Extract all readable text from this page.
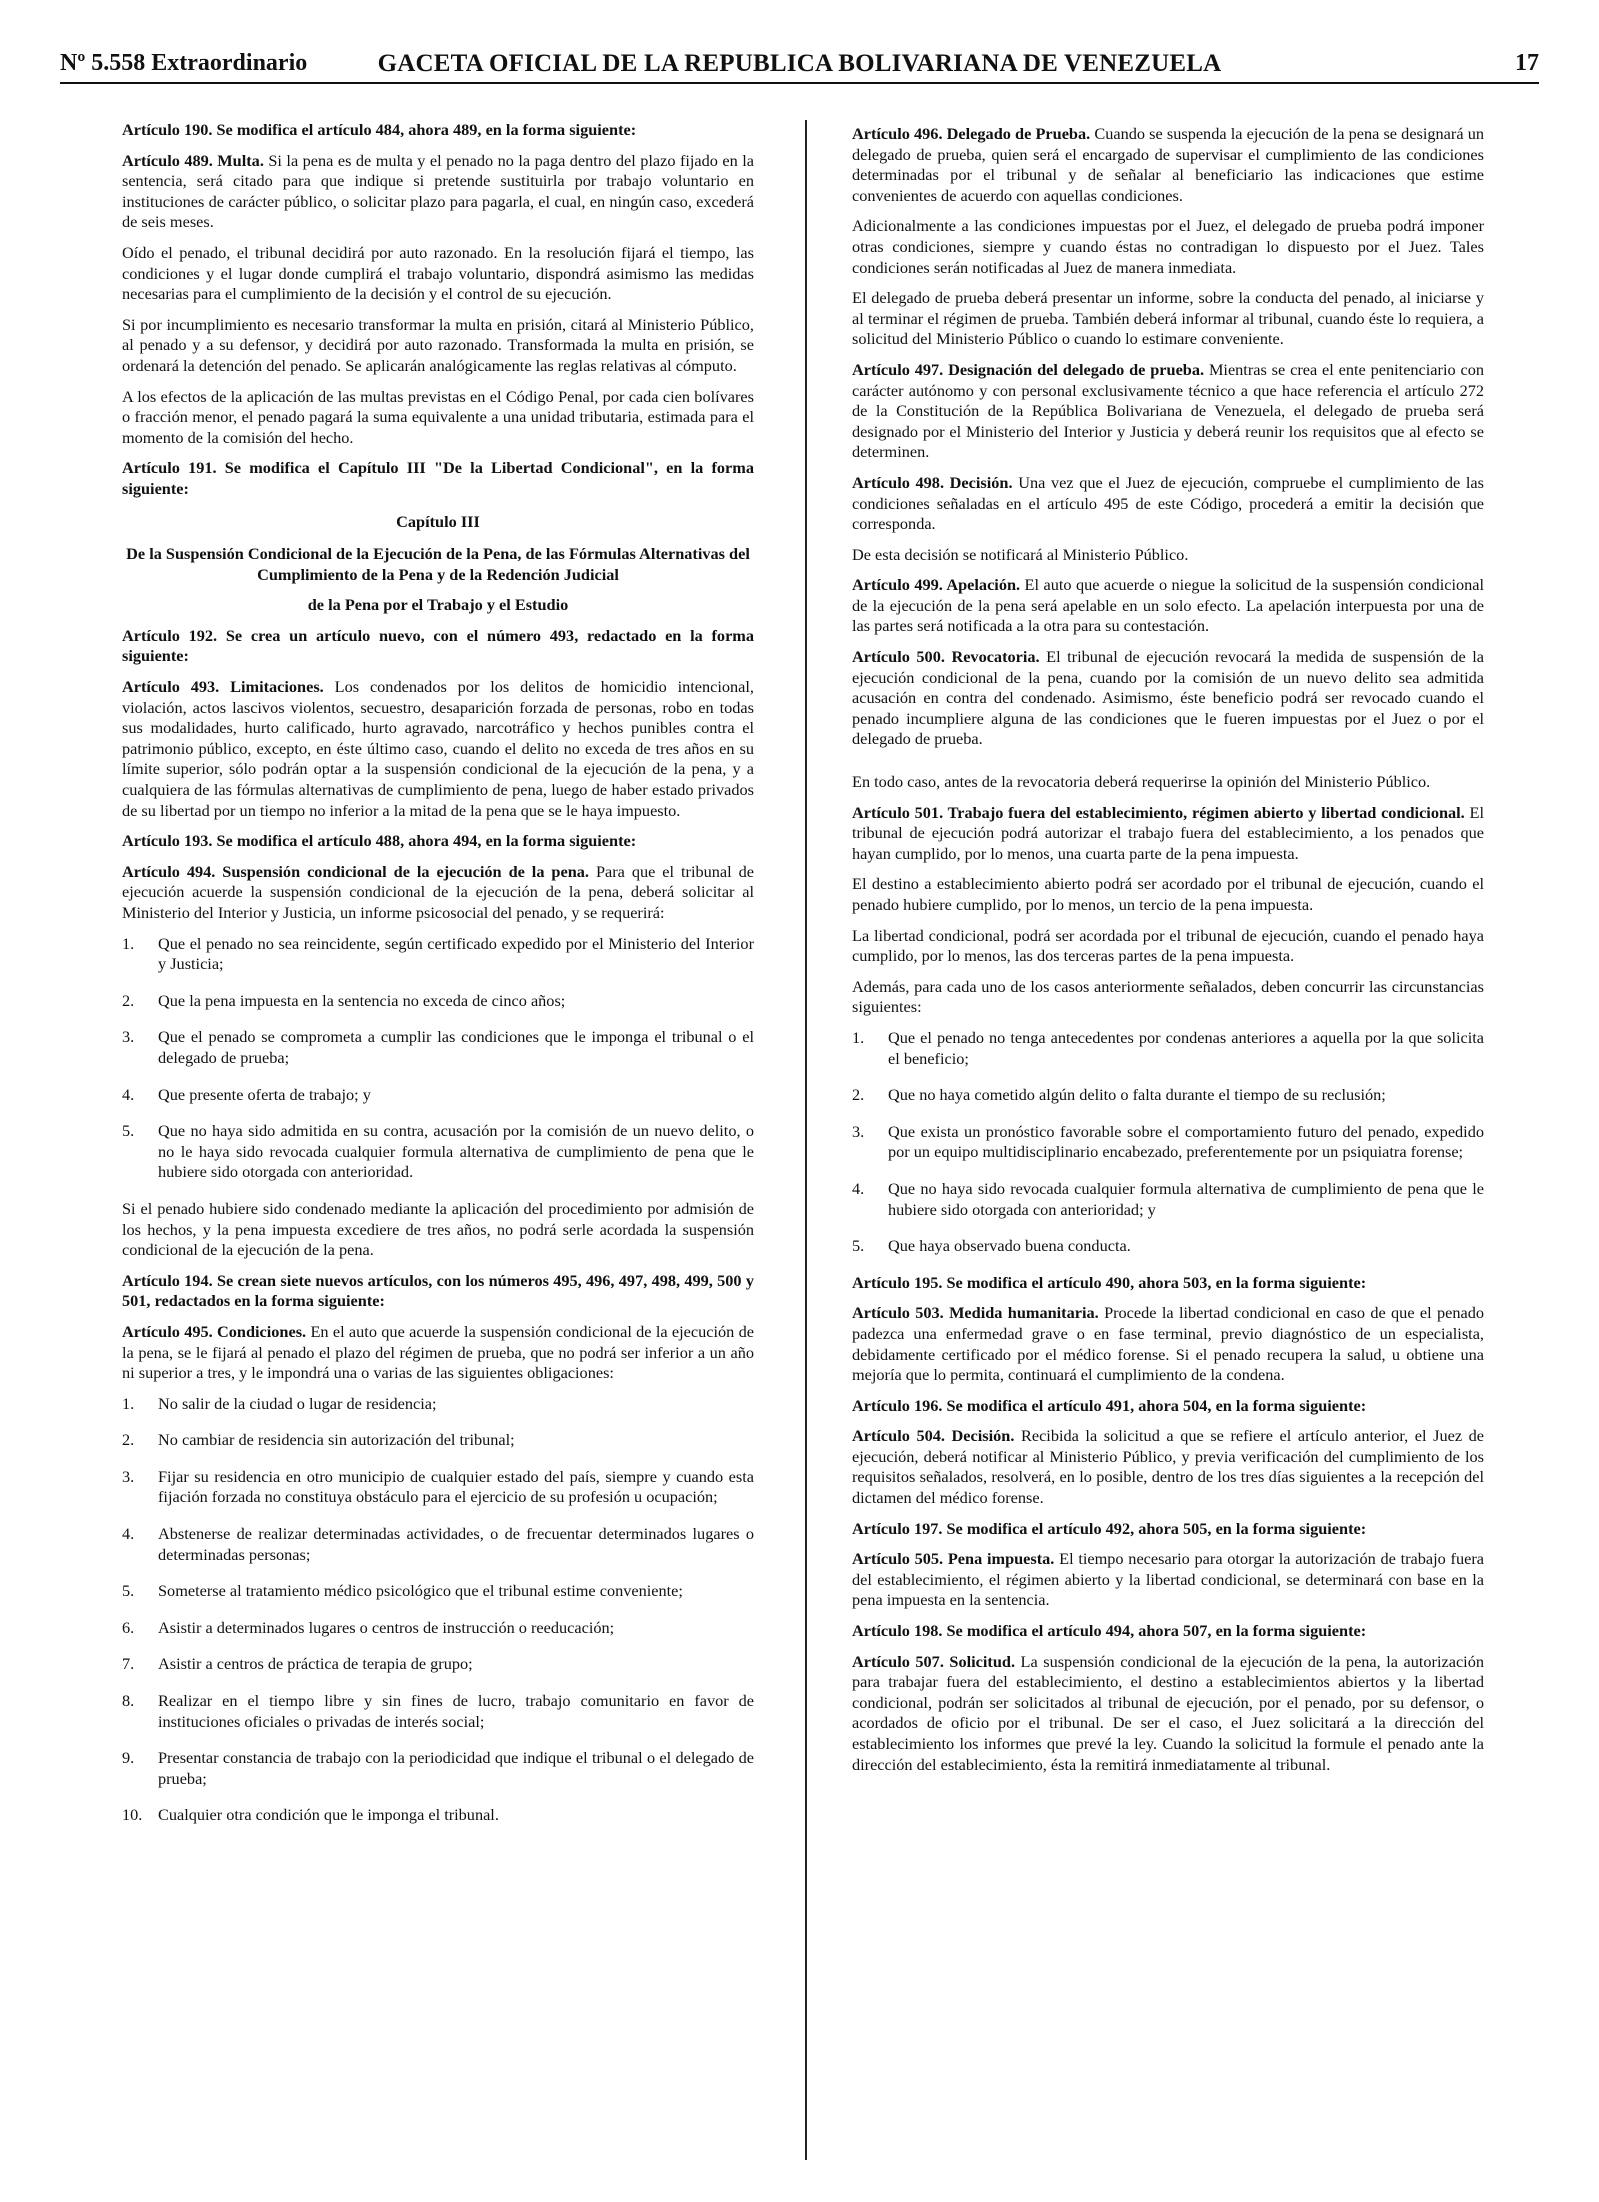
Nº 5.558 Extraordinario	GACETA OFICIAL DE LA REPUBLICA BOLIVARIANA DE VENEZUELA	17

Artículo 190. Se modifica el artículo 484, ahora 489, en la forma siguiente:

Artículo 489. Multa. Si la pena es de multa y el penado no la paga dentro del plazo fijado en la sentencia, será citado para que indique si pretende sustituirla por trabajo voluntario en instituciones de carácter público, o solicitar plazo para pagarla, el cual, en ningún caso, excederá de seis meses.

Oído el penado, el tribunal decidirá por auto razonado. En la resolución fijará el tiempo, las condiciones y el lugar donde cumplirá el trabajo voluntario, dispondrá asimismo las medidas necesarias para el cumplimiento de la decisión y el control de su ejecución.

Si por incumplimiento es necesario transformar la multa en prisión, citará al Ministerio Público, al penado y a su defensor, y decidirá por auto razonado. Transformada la multa en prisión, se ordenará la detención del penado. Se aplicarán analógicamente las reglas relativas al cómputo.

A los efectos de la aplicación de las multas previstas en el Código Penal, por cada cien bolívares o fracción menor, el penado pagará la suma equivalente a una unidad tributaria, estimada para el momento de la comisión del hecho.

Artículo 191. Se modifica el Capítulo III "De la Libertad Condicional", en la forma siguiente:

Capítulo III

De la Suspensión Condicional de la Ejecución de la Pena, de las Fórmulas Alternativas del Cumplimiento de la Pena y de la Redención Judicial

de la Pena por el Trabajo y el Estudio

Artículo 192. Se crea un artículo nuevo, con el número 493, redactado en la forma siguiente:

Artículo 493. Limitaciones. Los condenados por los delitos de homicidio intencional, violación, actos lascivos violentos, secuestro, desaparición forzada de personas, robo en todas sus modalidades, hurto calificado, hurto agravado, narcotráfico y hechos punibles contra el patrimonio público, excepto, en éste último caso, cuando el delito no exceda de tres años en su límite superior, sólo podrán optar a la suspensión condicional de la ejecución de la pena, y a cualquiera de las fórmulas alternativas de cumplimiento de pena, luego de haber estado privados de su libertad por un tiempo no inferior a la mitad de la pena que se le haya impuesto.

Artículo 193. Se modifica el artículo 488, ahora 494, en la forma siguiente:

Artículo 494. Suspensión condicional de la ejecución de la pena. Para que el tribunal de ejecución acuerde la suspensión condicional de la ejecución de la pena, deberá solicitar al Ministerio del Interior y Justicia, un informe psicosocial del penado, y se requerirá:

1. Que el penado no sea reincidente, según certificado expedido por el Ministerio del Interior y Justicia;
2. Que la pena impuesta en la sentencia no exceda de cinco años;
3. Que el penado se comprometa a cumplir las condiciones que le imponga el tribunal o el delegado de prueba;
4. Que presente oferta de trabajo; y
5. Que no haya sido admitida en su contra, acusación por la comisión de un nuevo delito, o no le haya sido revocada cualquier formula alternativa de cumplimiento de pena que le hubiere sido otorgada con anterioridad.

Si el penado hubiere sido condenado mediante la aplicación del procedimiento por admisión de los hechos, y la pena impuesta excediere de tres años, no podrá serle acordada la suspensión condicional de la ejecución de la pena.

Artículo 194. Se crean siete nuevos artículos, con los números 495, 496, 497, 498, 499, 500 y 501, redactados en la forma siguiente:

Artículo 495. Condiciones. En el auto que acuerde la suspensión condicional de la ejecución de la pena, se le fijará al penado el plazo del régimen de prueba, que no podrá ser inferior a un año ni superior a tres, y le impondrá una o varias de las siguientes obligaciones:

1. No salir de la ciudad o lugar de residencia;
2. No cambiar de residencia sin autorización del tribunal;
3. Fijar su residencia en otro municipio de cualquier estado del país, siempre y cuando esta fijación forzada no constituya obstáculo para el ejercicio de su profesión u ocupación;
4. Abstenerse de realizar determinadas actividades, o de frecuentar determinados lugares o determinadas personas;
5. Someterse al tratamiento médico psicológico que el tribunal estime conveniente;
6. Asistir a determinados lugares o centros de instrucción o reeducación;
7. Asistir a centros de práctica de terapia de grupo;
8. Realizar en el tiempo libre y sin fines de lucro, trabajo comunitario en favor de instituciones oficiales o privadas de interés social;
9. Presentar constancia de trabajo con la periodicidad que indique el tribunal o el delegado de prueba;
10. Cualquier otra condición que le imponga el tribunal.

Artículo 496. Delegado de Prueba. Cuando se suspenda la ejecución de la pena se designará un delegado de prueba, quien será el encargado de supervisar el cumplimiento de las condiciones determinadas por el tribunal y de señalar al beneficiario las indicaciones que estime convenientes de acuerdo con aquellas condiciones.

Adicionalmente a las condiciones impuestas por el Juez, el delegado de prueba podrá imponer otras condiciones, siempre y cuando éstas no contradigan lo dispuesto por el Juez. Tales condiciones serán notificadas al Juez de manera inmediata.

El delegado de prueba deberá presentar un informe, sobre la conducta del penado, al iniciarse y al terminar el régimen de prueba. También deberá informar al tribunal, cuando éste lo requiera, a solicitud del Ministerio Público o cuando lo estimare conveniente.

Artículo 497. Designación del delegado de prueba. Mientras se crea el ente penitenciario con carácter autónomo y con personal exclusivamente técnico a que hace referencia el artículo 272 de la Constitución de la República Bolivariana de Venezuela, el delegado de prueba será designado por el Ministerio del Interior y Justicia y deberá reunir los requisitos que al efecto se determinen.

Artículo 498. Decisión. Una vez que el Juez de ejecución, compruebe el cumplimiento de las condiciones señaladas en el artículo 495 de este Código, procederá a emitir la decisión que corresponda.

De esta decisión se notificará al Ministerio Público.

Artículo 499. Apelación. El auto que acuerde o niegue la solicitud de la suspensión condicional de la ejecución de la pena será apelable en un solo efecto. La apelación interpuesta por una de las partes será notificada a la otra para su contestación.

Artículo 500. Revocatoria. El tribunal de ejecución revocará la medida de suspensión de la ejecución condicional de la pena, cuando por la comisión de un nuevo delito sea admitida acusación en contra del condenado. Asimismo, éste beneficio podrá ser revocado cuando el penado incumpliere alguna de las condiciones que le fueren impuestas por el Juez o por el delegado de prueba.

En todo caso, antes de la revocatoria deberá requerirse la opinión del Ministerio Público.

Artículo 501. Trabajo fuera del establecimiento, régimen abierto y libertad condicional. El tribunal de ejecución podrá autorizar el trabajo fuera del establecimiento, a los penados que hayan cumplido, por lo menos, una cuarta parte de la pena impuesta.

El destino a establecimiento abierto podrá ser acordado por el tribunal de ejecución, cuando el penado hubiere cumplido, por lo menos, un tercio de la pena impuesta.

La libertad condicional, podrá ser acordada por el tribunal de ejecución, cuando el penado haya cumplido, por lo menos, las dos terceras partes de la pena impuesta.

Además, para cada uno de los casos anteriormente señalados, deben concurrir las circunstancias siguientes:

1. Que el penado no tenga antecedentes por condenas anteriores a aquella por la que solicita el beneficio;
2. Que no haya cometido algún delito o falta durante el tiempo de su reclusión;
3. Que exista un pronóstico favorable sobre el comportamiento futuro del penado, expedido por un equipo multidisciplinario encabezado, preferentemente por un psiquiatra forense;
4. Que no haya sido revocada cualquier formula alternativa de cumplimiento de pena que le hubiere sido otorgada con anterioridad; y
5. Que haya observado buena conducta.

Artículo 195. Se modifica el artículo 490, ahora 503, en la forma siguiente:

Artículo 503. Medida humanitaria. Procede la libertad condicional en caso de que el penado padezca una enfermedad grave o en fase terminal, previo diagnóstico de un especialista, debidamente certificado por el médico forense. Si el penado recupera la salud, u obtiene una mejoría que lo permita, continuará el cumplimiento de la condena.

Artículo 196. Se modifica el artículo 491, ahora 504, en la forma siguiente:

Artículo 504. Decisión. Recibida la solicitud a que se refiere el artículo anterior, el Juez de ejecución, deberá notificar al Ministerio Público, y previa verificación del cumplimiento de los requisitos señalados, resolverá, en lo posible, dentro de los tres días siguientes a la recepción del dictamen del médico forense.

Artículo 197. Se modifica el artículo 492, ahora 505, en la forma siguiente:

Artículo 505. Pena impuesta. El tiempo necesario para otorgar la autorización de trabajo fuera del establecimiento, el régimen abierto y la libertad condicional, se determinará con base en la pena impuesta en la sentencia.

Artículo 198. Se modifica el artículo 494, ahora 507, en la forma siguiente:

Artículo 507. Solicitud. La suspensión condicional de la ejecución de la pena, la autorización para trabajar fuera del establecimiento, el destino a establecimientos abiertos y la libertad condicional, podrán ser solicitados al tribunal de ejecución, por el penado, por su defensor, o acordados de oficio por el tribunal. De ser el caso, el Juez solicitará a la dirección del establecimiento los informes que prevé la ley. Cuando la solicitud la formule el penado ante la dirección del establecimiento, ésta la remitirá inmediatamente al tribunal.
